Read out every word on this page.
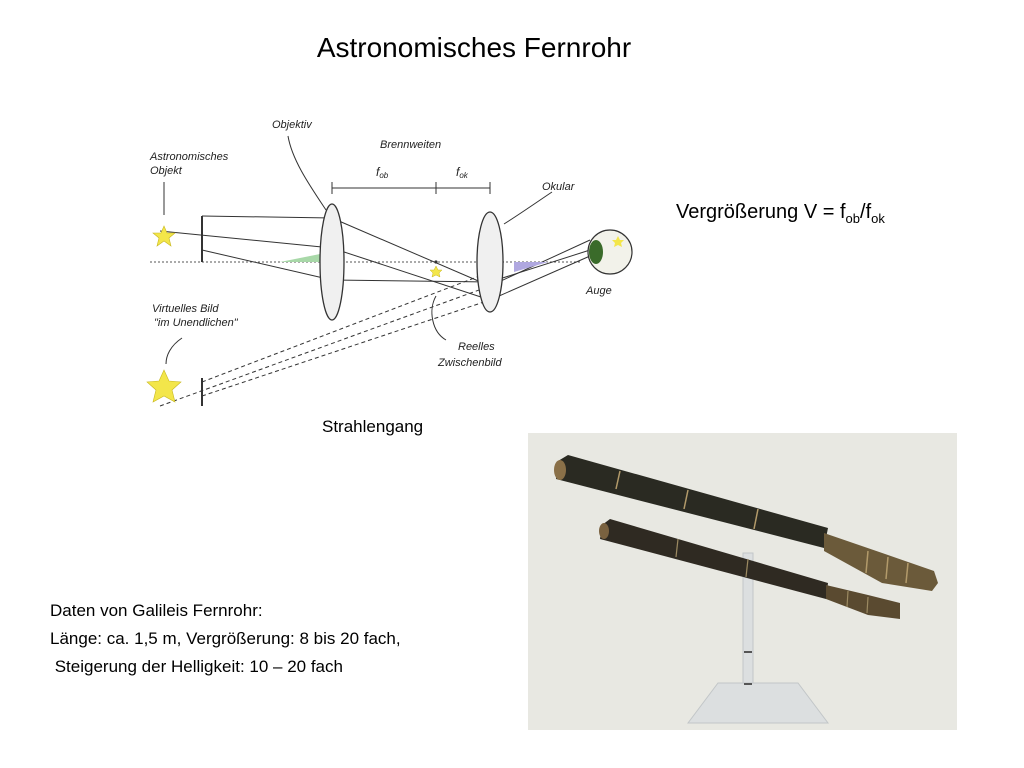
Astronomisches Fernrohr
Astronomisches
Objekt
Objektiv
Brennweiten
fob	fok
Okular
Auge
Virtuelles Bild
"im Unendlichen"
Reelles
Zwischenbild
Vergrößerung $V = f_{ob}/f_{ok}$
Strahlengang
Daten von Galileis Fernrohr:
Länge: ca. 1,5 m, Vergrößerung: 8 bis 20 fach,
Steigerung der Helligkeit: 10 – 20 fach
